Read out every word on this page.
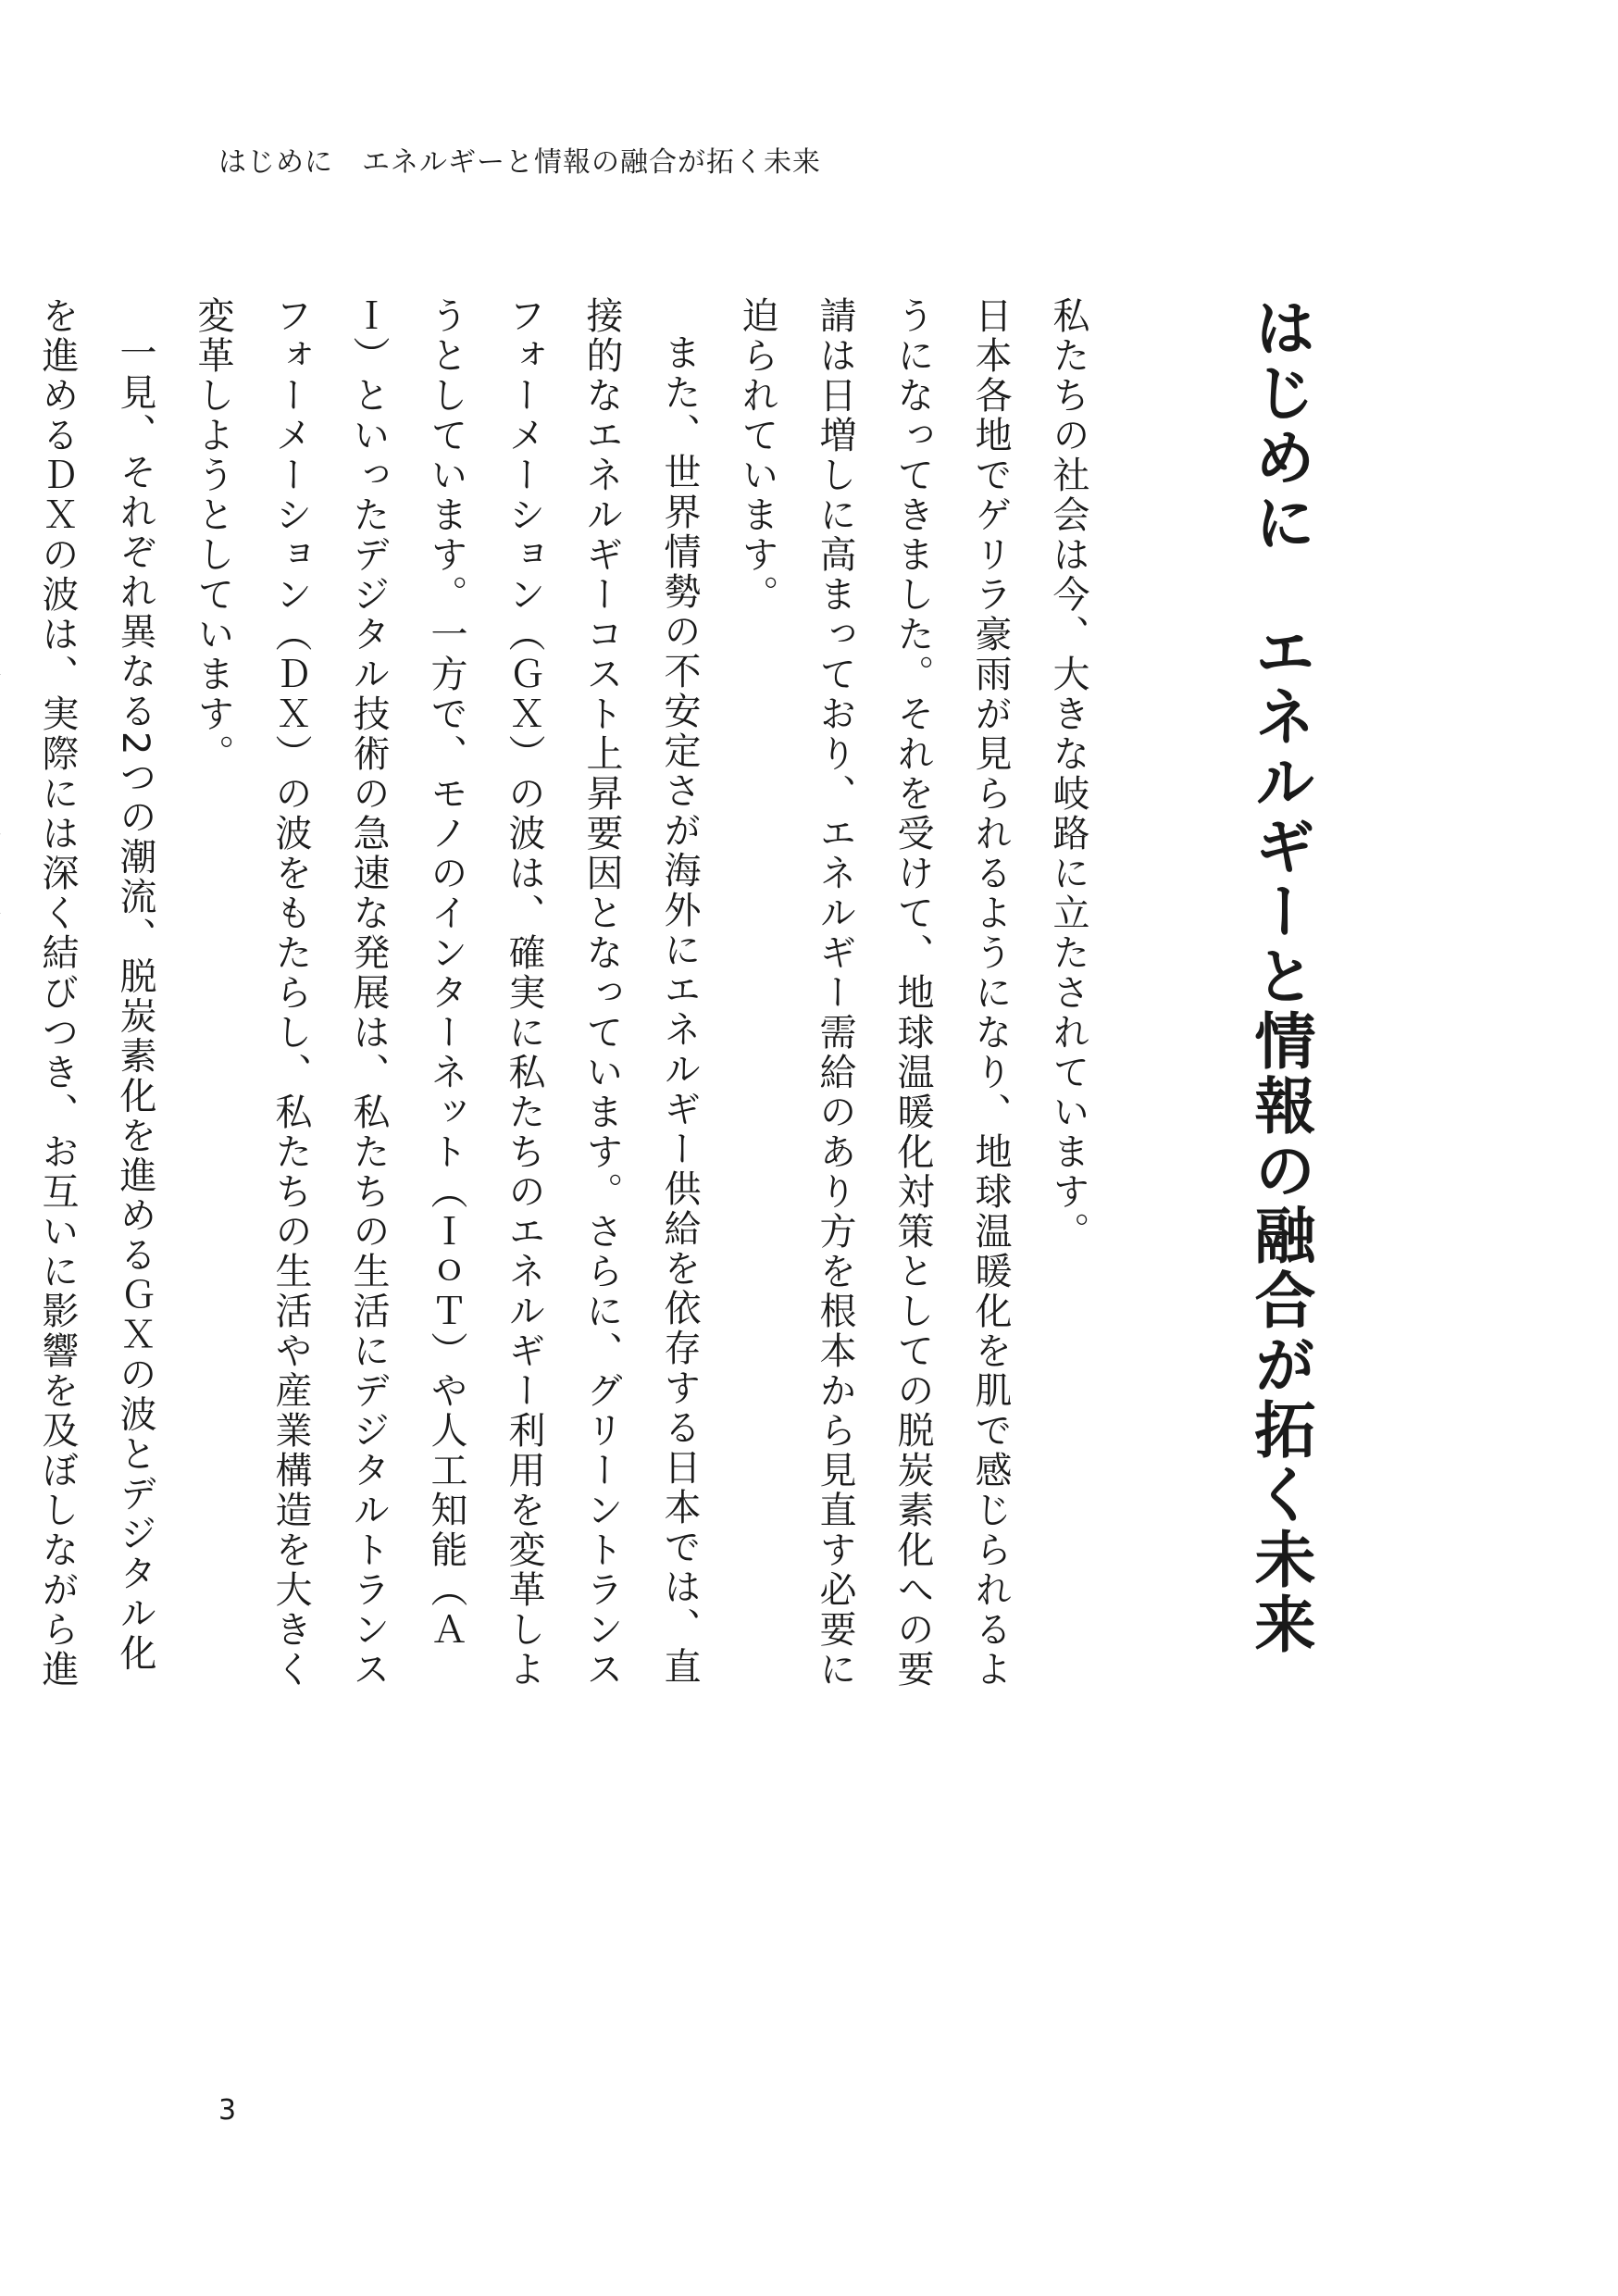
はじめに　エネルギーと情報の融合が拓く未来
はじめに　エネルギーと情報の融合が拓く未来

私たちの社会は今、大きな岐路に立たされています。

日本各地でゲリラ豪雨が見られるようになり、地球温暖化を肌で感じられるようになってきました。それを受けて、地球温暖化対策としての脱炭素化への要請は日増しに高まっており、エネルギー需給のあり方を根本から見直す必要に迫られています。

また、世界情勢の不安定さが海外にエネルギー供給を依存する日本では、直接的なエネルギーコスト上昇要因となっています。さらに、グリーントランスフォーメーション（ＧＸ）の波は、確実に私たちのエネルギー利用を変革しようとしています。一方で、モノのインターネット（ＩｏＴ）や人工知能（ＡＩ）といったデジタル技術の急速な発展は、私たちの生活にデジタルトランスフォーメーション（ＤＸ）の波をもたらし、私たちの生活や産業構造を大きく変革しようとしています。

一見、それぞれ異なる2つの潮流、脱炭素化を進めるＧＸの波とデジタル化を進めるＤＸの波は、実際には深く結びつき、お互いに影響を及ぼしながら進

3
